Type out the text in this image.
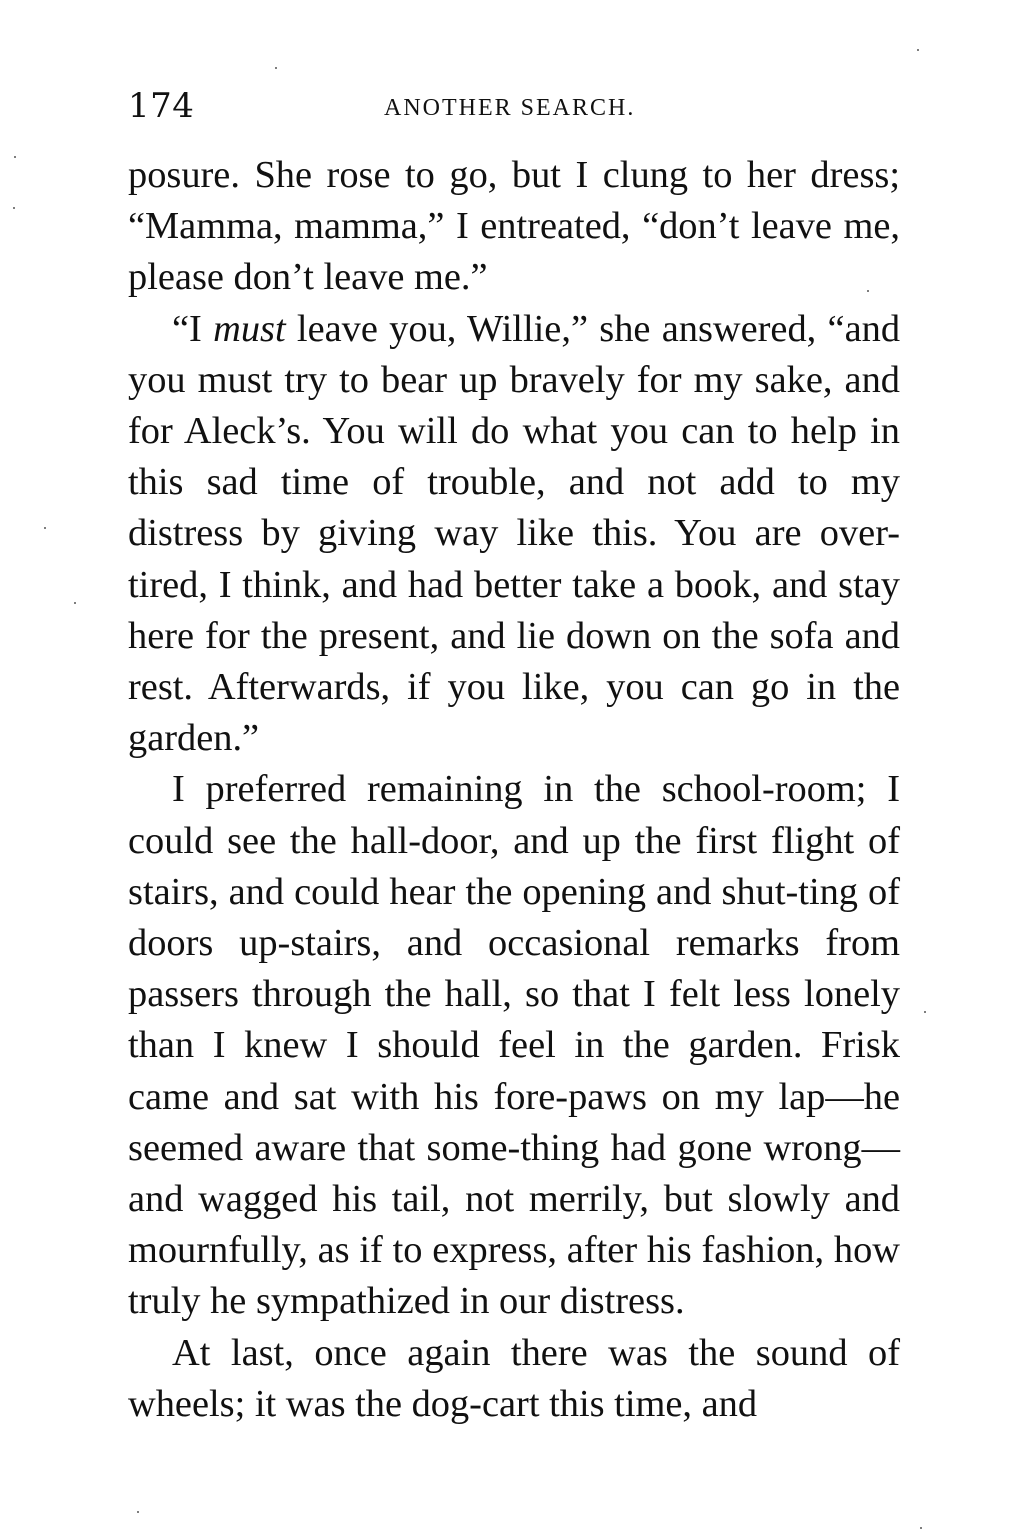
174	ANOTHER SEARCH.

posure. She rose to go, but I clung to her dress; “Mamma, mamma,” I entreated, “don’t leave me, please don’t leave me.”

“I must leave you, Willie,” she answered, “and you must try to bear up bravely for my sake, and for Aleck’s. You will do what you can to help in this sad time of trouble, and not add to my distress by giving way like this. You are over-tired, I think, and had better take a book, and stay here for the present, and lie down on the sofa and rest. Afterwards, if you like, you can go in the garden.”

I preferred remaining in the school-room; I could see the hall-door, and up the first flight of stairs, and could hear the opening and shut-ting of doors up-stairs, and occasional remarks from passers through the hall, so that I felt less lonely than I knew I should feel in the garden. Frisk came and sat with his fore-paws on my lap—he seemed aware that some-thing had gone wrong—and wagged his tail, not merrily, but slowly and mournfully, as if to express, after his fashion, how truly he sympathized in our distress.

At last, once again there was the sound of wheels; it was the dog-cart this time, and
